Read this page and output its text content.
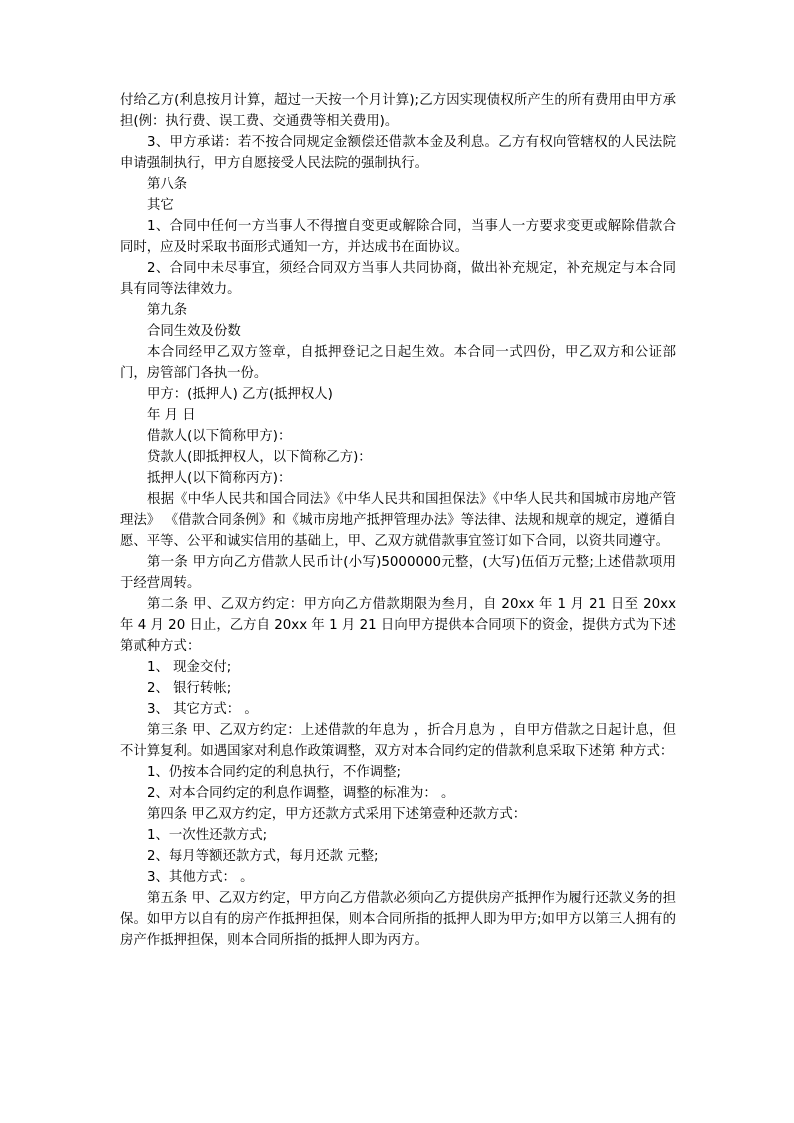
付给乙方(利息按月计算，超过一天按一个月计算);乙方因实现债权所产生的所有费用由甲方承担(例：执行费、误工费、交通费等相关费用)。

3、甲方承诺：若不按合同规定金额偿还借款本金及利息。乙方有权向管辖权的人民法院申请强制执行，甲方自愿接受人民法院的强制执行。

第八条

其它

1、合同中任何一方当事人不得擅自变更或解除合同，当事人一方要求变更或解除借款合同时，应及时采取书面形式通知一方，并达成书在面协议。

2、合同中未尽事宜，须经合同双方当事人共同协商，做出补充规定，补充规定与本合同具有同等法律效力。

第九条

合同生效及份数

本合同经甲乙双方签章，自抵押登记之日起生效。本合同一式四份，甲乙双方和公证部门，房管部门各执一份。

甲方：(抵押人) 乙方(抵押权人)

年 月 日

借款人(以下简称甲方)：

贷款人(即抵押权人，以下简称乙方)：

抵押人(以下简称丙方)：

根据《中华人民共和国合同法》《中华人民共和国担保法》《中华人民共和国城市房地产管理法》 《借款合同条例》和《城市房地产抵押管理办法》等法律、法规和规章的规定，遵循自愿、平等、公平和诚实信用的基础上，甲、乙双方就借款事宜签订如下合同，以资共同遵守。

第一条 甲方向乙方借款人民币计(小写)5000000元整，(大写)伍佰万元整;上述借款项用于经营周转。

第二条 甲、乙双方约定：甲方向乙方借款期限为叁月，自 20xx 年 1 月 21 日至 20xx 年 4 月 20 日止，乙方自 20xx 年 1 月 21 日向甲方提供本合同项下的资金，提供方式为下述第贰种方式：

1、 现金交付;

2、 银行转帐;

3、 其它方式： 。

第三条 甲、乙双方约定：上述借款的年息为 ，折合月息为 ，自甲方借款之日起计息，但不计算复利。如遇国家对利息作政策调整，双方对本合同约定的借款利息采取下述第 种方式：

1、仍按本合同约定的利息执行，不作调整;

2、对本合同约定的利息作调整，调整的标准为： 。

第四条 甲乙双方约定，甲方还款方式采用下述第壹种还款方式：

1、一次性还款方式;

2、每月等额还款方式，每月还款 元整;

3、其他方式： 。

第五条 甲、乙双方约定，甲方向乙方借款必须向乙方提供房产抵押作为履行还款义务的担保。如甲方以自有的房产作抵押担保，则本合同所指的抵押人即为甲方;如甲方以第三人拥有的房产作抵押担保，则本合同所指的抵押人即为丙方。
